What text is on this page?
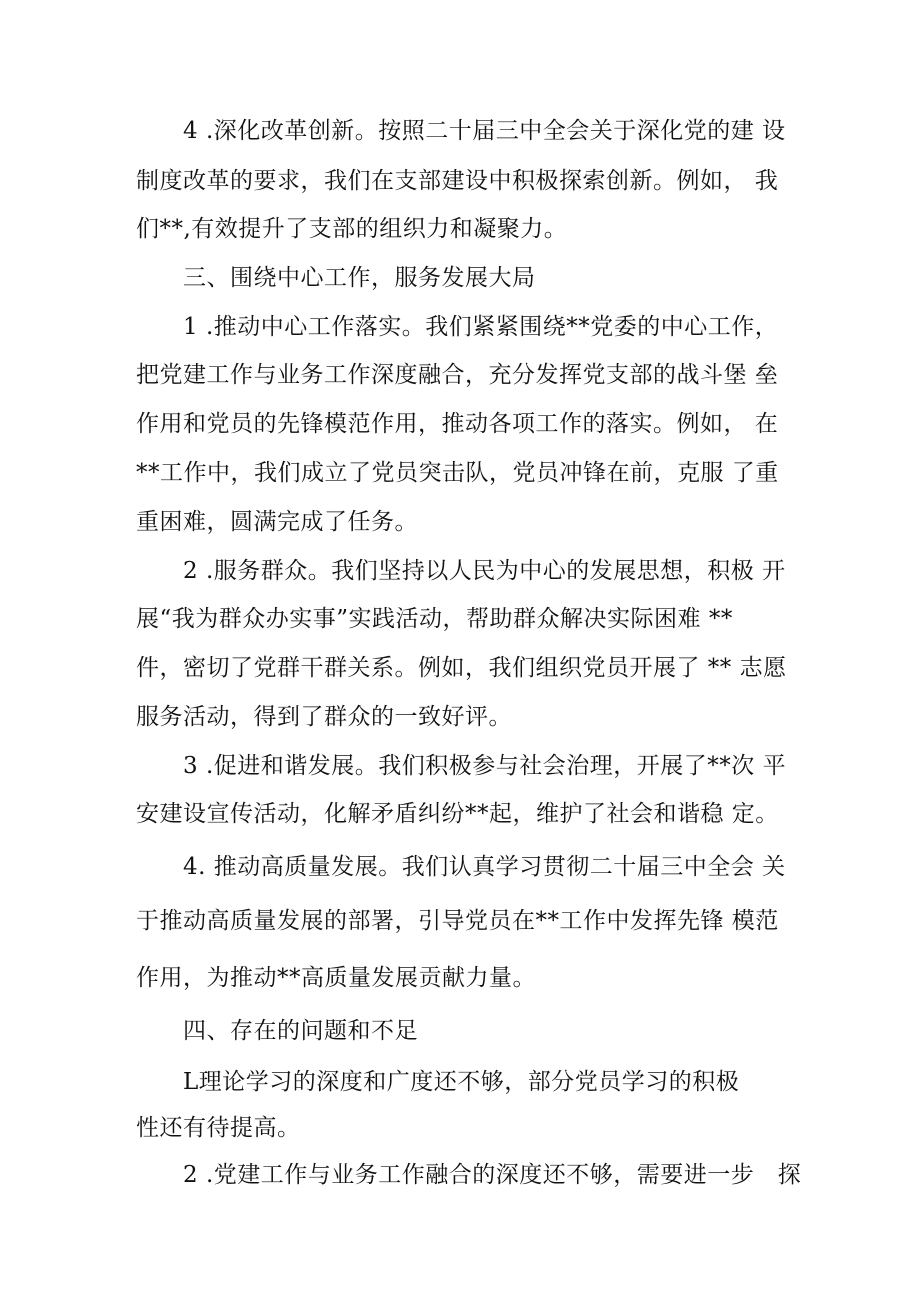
4 .深化改革创新。按照二十届三中全会关于深化党的建 设
制度改革的要求，我们在支部建设中积极探索创新。例如， 我
们**,有效提升了支部的组织力和凝聚力。
三、围绕中心工作，服务发展大局
1 .推动中心工作落实。我们紧紧围绕**党委的中心工作，
把党建工作与业务工作深度融合，充分发挥党支部的战斗堡 垒
作用和党员的先锋模范作用，推动各项工作的落实。例如， 在
**工作中，我们成立了党员突击队，党员冲锋在前，克服 了重
重困难，圆满完成了任务。
2 .服务群众。我们坚持以人民为中心的发展思想，积极 开
展“我为群众办实事”实践活动，帮助群众解决实际困难 **
件，密切了党群干群关系。例如，我们组织党员开展了 ** 志愿
服务活动，得到了群众的一致好评。
3 .促进和谐发展。我们积极参与社会治理，开展了**次 平
安建设宣传活动，化解矛盾纠纷**起，维护了社会和谐稳 定。
4. 推动高质量发展。我们认真学习贯彻二十届三中全会 关
于推动高质量发展的部署，引导党员在**工作中发挥先锋 模范
作用，为推动**高质量发展贡献力量。
四、存在的问题和不足
L理论学习的深度和广度还不够，部分党员学习的积极
性还有待提高。
2 .党建工作与业务工作融合的深度还不够，需要进一步   探
